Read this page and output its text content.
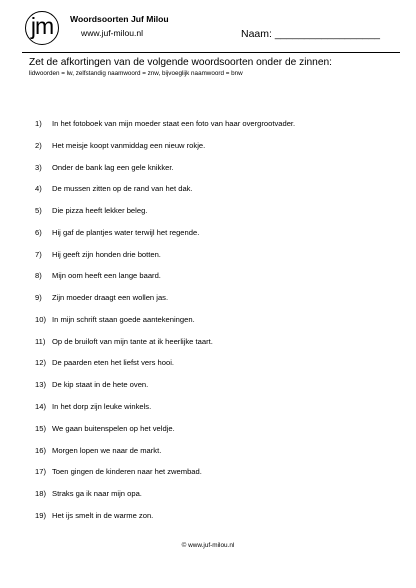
jm Woordsoorten Juf Milou
www.juf-milou.nl	Naam: __________________
Zet de afkortingen van de volgende woordsoorten onder de zinnen:
lidwoorden = lw, zelfstandig naamwoord = znw, bijvoeglijk naamwoord = bnw
1)	In het fotoboek van mijn moeder staat een foto van haar overgrootvader.
2)	Het meisje koopt vanmiddag een nieuw rokje.
3)	Onder de bank lag een gele knikker.
4)	De mussen zitten op de rand van het dak.
5)	Die pizza heeft lekker beleg.
6)	Hij gaf de plantjes water terwijl het regende.
7)	Hij geeft zijn honden drie botten.
8)	Mijn oom heeft een lange baard.
9)	Zijn moeder draagt een wollen jas.
10) In mijn schrift staan goede aantekeningen.
11) Op de bruiloft van mijn tante at ik heerlijke taart.
12) De paarden eten het liefst vers hooi.
13) De kip staat in de hete oven.
14) In het dorp zijn leuke winkels.
15) We gaan buitenspelen op het veldje.
16) Morgen lopen we naar de markt.
17) Toen gingen de kinderen naar het zwembad.
18) Straks ga ik naar mijn opa.
19) Het ijs smelt in de warme zon.
© www.juf-milou.nl
